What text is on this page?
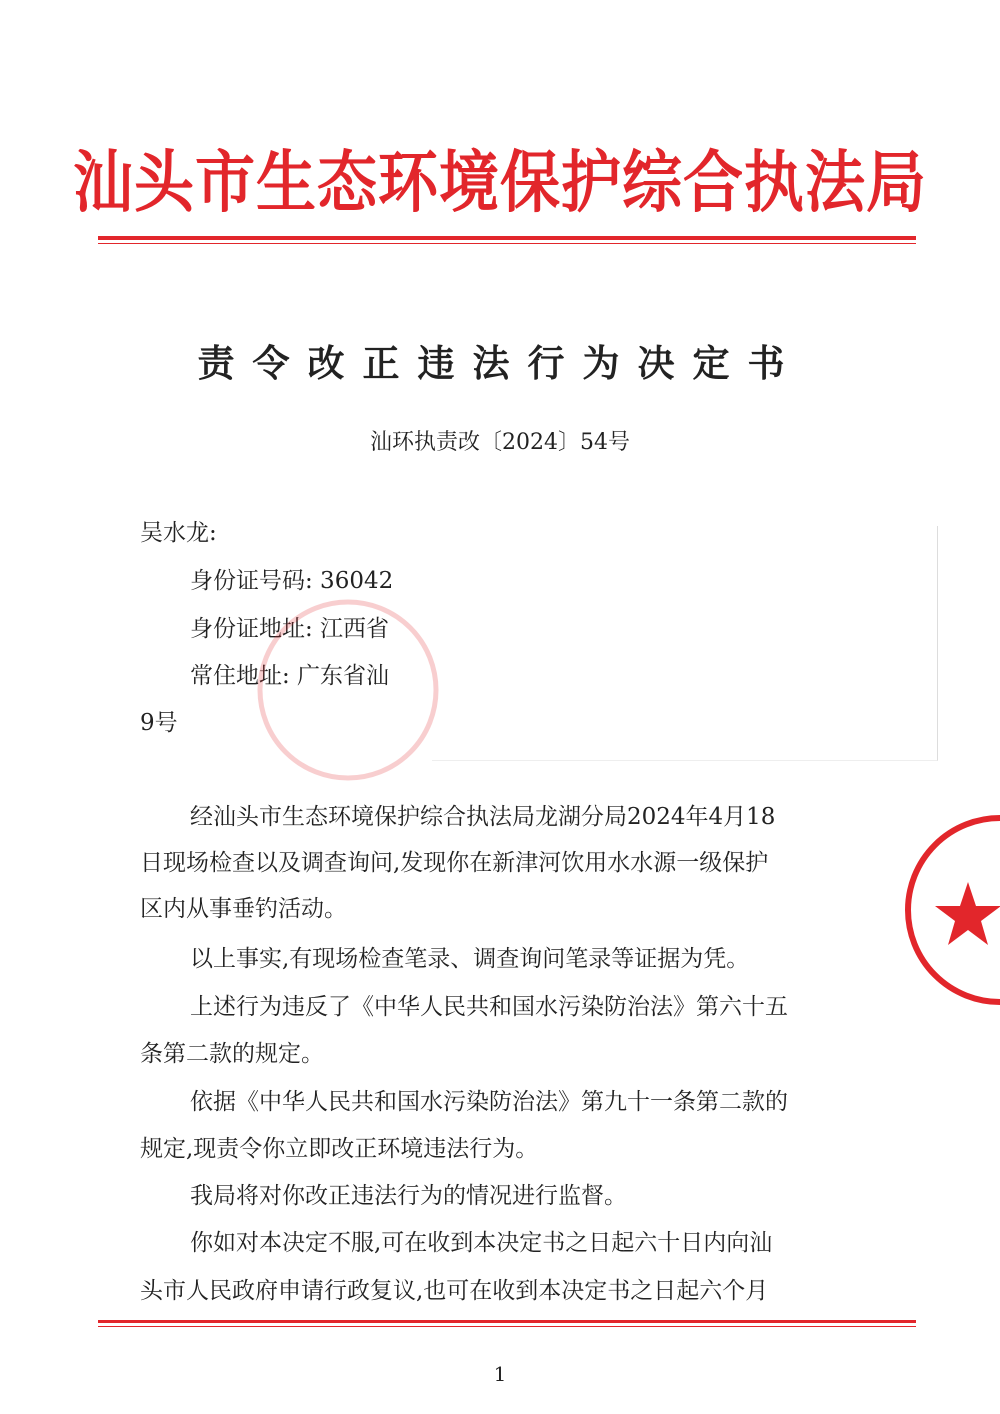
汕头市生态环境保护综合执法局
责令改正违法行为决定书
汕环执责改〔2024〕54号
吴水龙:
身份证号码: 36042
身份证地址: 江西省
常住地址: 广东省汕
9号
经汕头市生态环境保护综合执法局龙湖分局2024年4月18
日现场检查以及调查询问,发现你在新津河饮用水水源一级保护
区内从事垂钓活动。
以上事实,有现场检查笔录、调查询问笔录等证据为凭。
上述行为违反了《中华人民共和国水污染防治法》第六十五
条第二款的规定。
依据《中华人民共和国水污染防治法》第九十一条第二款的
规定,现责令你立即改正环境违法行为。
我局将对你改正违法行为的情况进行监督。
你如对本决定不服,可在收到本决定书之日起六十日内向汕
头市人民政府申请行政复议,也可在收到本决定书之日起六个月
1
